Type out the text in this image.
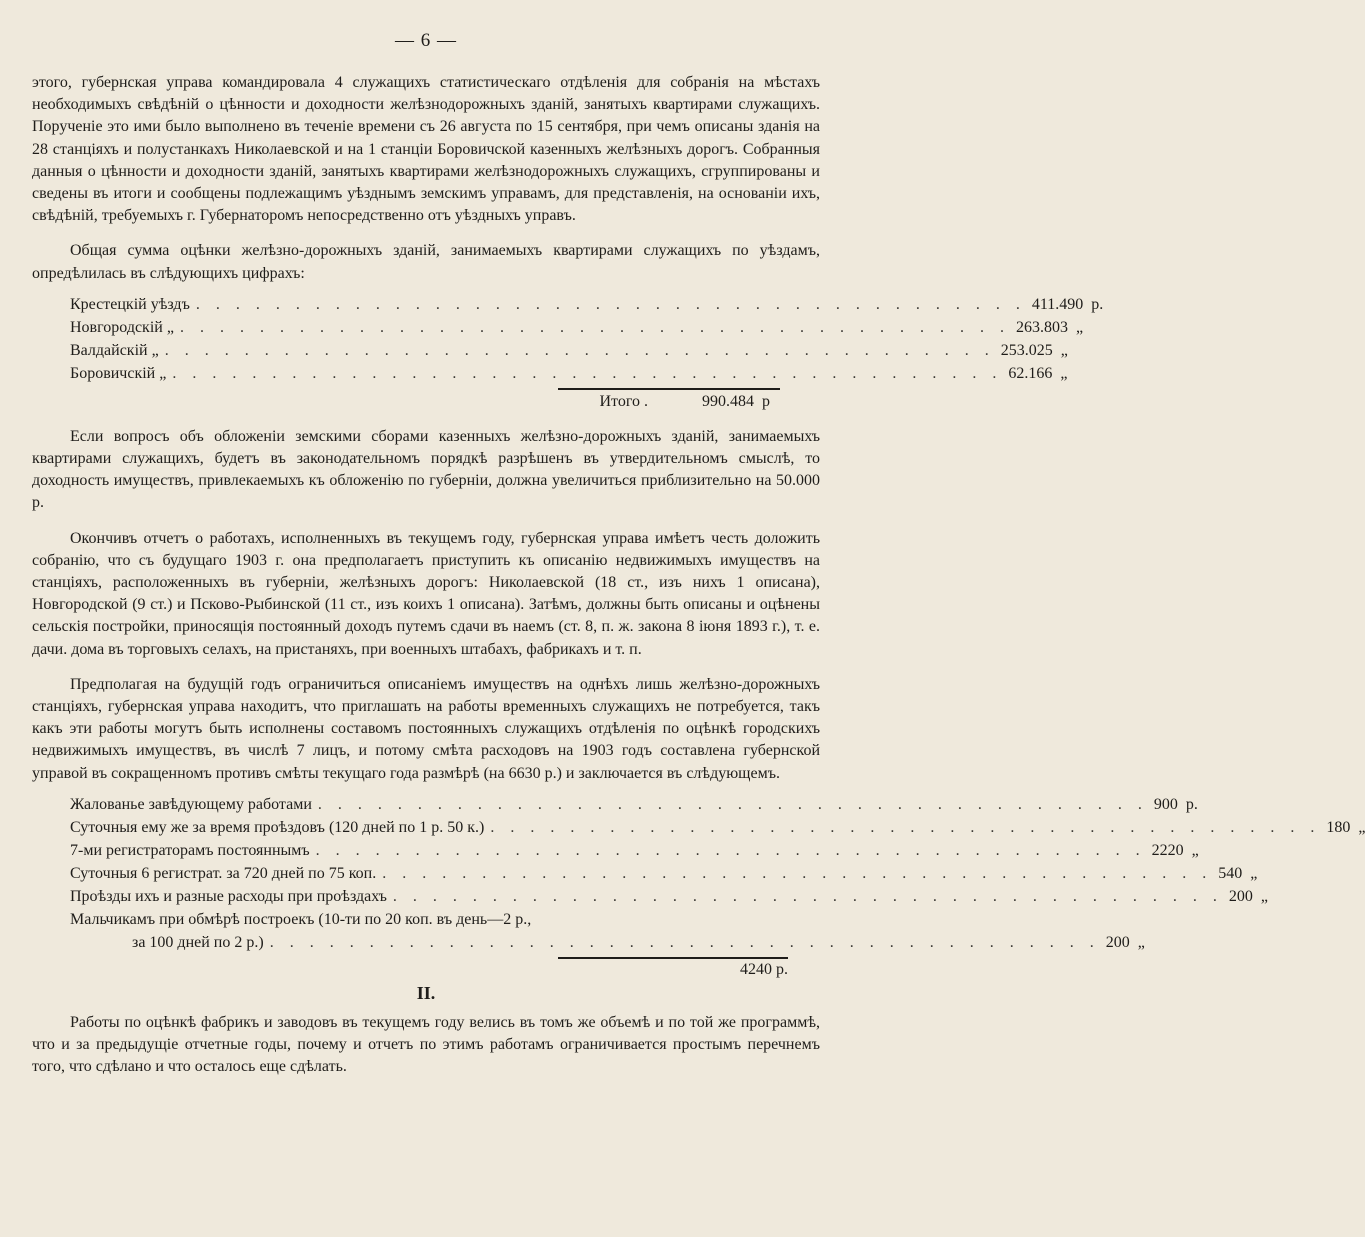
— 6 —

этого, губернская управа командировала 4 служащихъ статистическаго отдѣленія для собранія на мѣстахъ необходимыхъ свѣдѣній о цѣнности и доходности желѣзнодорожныхъ зданій, занятыхъ квартирами служащихъ. Порученіе это ими было выполнено въ теченіе времени съ 26 августа по 15 сентября, при чемъ описаны зданія на 28 станціяхъ и полустанкахъ Николаевской и на 1 станціи Боровичской казенныхъ желѣзныхъ дорогъ. Собранныя данныя о цѣнности и доходности зданій, занятыхъ квартирами желѣзнодорожныхъ служащихъ, сгруппированы и сведены въ итоги и сообщены подлежащимъ уѣзднымъ земскимъ управамъ, для представленія, на основаніи ихъ, свѣдѣній, требуемыхъ г. Губернаторомъ непосредственно отъ уѣздныхъ управъ.

Общая сумма оцѣнки желѣзно-дорожныхъ зданій, занимаемыхъ квартирами служащихъ по уѣздамъ, опредѣлилась въ слѣдующихъ цифрахъ:

Крестецкій уѣздъ . . . . . . . . . . . . . . . . . . . . . . . . . . . . . . . . . . . . . . . . . . 411.490 р.
Новгородскій „ . . . . . . . . . . . . . . . . . . . . . . . . . . . . . . . . . . . . . . . . . . 263.803 „
Валдайскій „ . . . . . . . . . . . . . . . . . . . . . . . . . . . . . . . . . . . . . . . . . . 253.025 „
Боровичскій „ . . . . . . . . . . . . . . . . . . . . . . . . . . . . . . . . . . . . . . . . . . 62.166 „
Итого .	990.484 р

Если вопросъ объ обложеніи земскими сборами казенныхъ желѣзно-дорожныхъ зданій, занимаемыхъ квартирами служащихъ, будетъ въ законодательномъ порядкѣ разрѣшенъ въ утвердительномъ смыслѣ, то доходность имуществъ, привлекаемыхъ къ обложенію по губерніи, должна увеличиться приблизительно на 50.000 р.

Окончивъ отчетъ о работахъ, исполненныхъ въ текущемъ году, губернская управа имѣетъ честь доложить собранію, что съ будущаго 1903 г. она предполагаетъ приступить къ описанію недвижимыхъ имуществъ на станціяхъ, расположенныхъ въ губерніи, желѣзныхъ дорогъ: Николаевской (18 ст., изъ нихъ 1 описана), Новгородской (9 ст.) и Псково-Рыбинской (11 ст., изъ коихъ 1 описана). Затѣмъ, должны быть описаны и оцѣнены сельскія постройки, приносящія постоянный доходъ путемъ сдачи въ наемъ (ст. 8, п. ж. закона 8 іюня 1893 г.), т. е. дачи. дома въ торговыхъ селахъ, на пристаняхъ, при военныхъ штабахъ, фабрикахъ и т. п.

Предполагая на будущій годъ ограничиться описаніемъ имуществъ на однѣхъ лишь желѣзно-дорожныхъ станціяхъ, губернская управа находитъ, что приглашать на работы временныхъ служащихъ не потребуется, такъ какъ эти работы могутъ быть исполнены составомъ постоянныхъ служащихъ отдѣленія по оцѣнкѣ городскихъ недвижимыхъ имуществъ, въ числѣ 7 лицъ, и потому смѣта расходовъ на 1903 годъ составлена губернской управой въ сокращенномъ противъ смѣты текущаго года размѣрѣ (на 6630 р.) и заключается въ слѣдующемъ.

Жалованье завѣдующему работами . . . . . . . . . . . . . . . . . . . . . . . . . . . . . . . . . . . . . . . . . . 900 р.
Суточныя ему же за время проѣздовъ (120 дней по 1 р. 50 к.) . . . . . . . . . . . . . . . . . . . . . . . . . . . . . . . . . . . . . . . . . . 180 „
7-ми регистраторамъ постояннымъ . . . . . . . . . . . . . . . . . . . . . . . . . . . . . . . . . . . . . . . . . . 2220 „
Суточныя 6 регистрат. за 720 дней по 75 коп. . . . . . . . . . . . . . . . . . . . . . . . . . . . . . . . . . . . . . . . . . . 540 „
Проѣзды ихъ и разные расходы при проѣздахъ . . . . . . . . . . . . . . . . . . . . . . . . . . . . . . . . . . . . . . . . . . 200 „
Мальчикамъ при обмѣрѣ построекъ (10-ти по 20 коп. въ день—2 р.,
за 100 дней по 2 р.) . . . . . . . . . . . . . . . . . . . . . . . . . . . . . . . . . . . . . . . . . . 200 „
4240 р.
II.

Работы по оцѣнкѣ фабрикъ и заводовъ въ текущемъ году велись въ томъ же объемѣ и по той же программѣ, что и за предыдущіе отчетные годы, почему и отчетъ по этимъ работамъ ограничивается простымъ перечнемъ того, что сдѣлано и что осталось еще сдѣлать.
